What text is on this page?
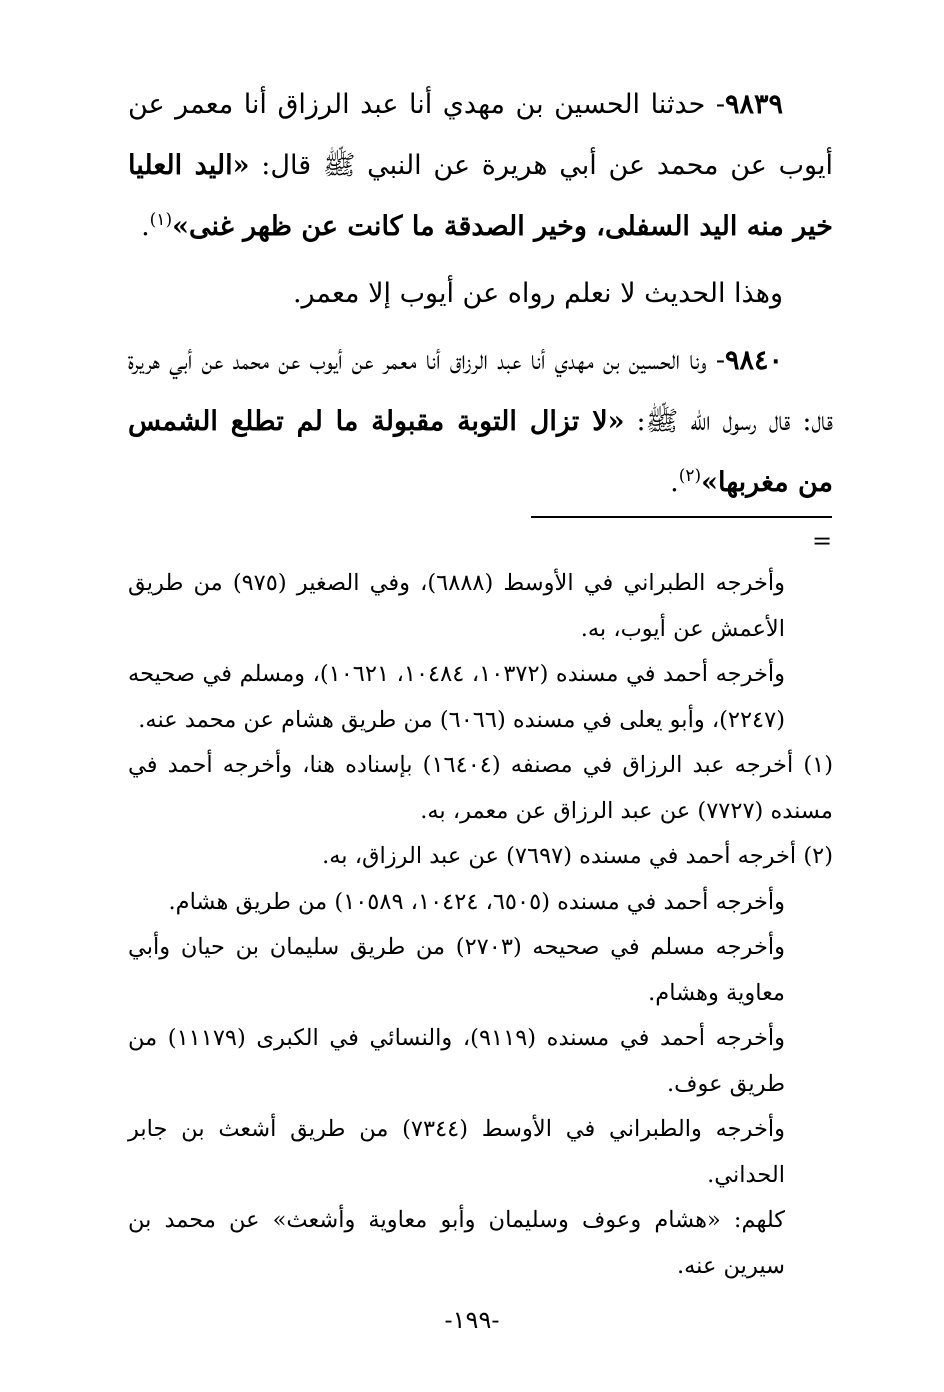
٩٨٣٩- حدثنا الحسين بن مهدي أنا عبد الرزاق أنا معمر عن أيوب عن محمد عن أبي هريرة عن النبي ﷺ قال: «اليد العليا خير منه اليد السفلى، وخير الصدقة ما كانت عن ظهر غنى»$^{(١)}$.

وهذا الحديث لا نعلم رواه عن أيوب إلا معمر.

٩٨٤٠- ونا الحسين بن مهدي أنا عبد الرزاق أنا معمر عن أيوب عن محمد عن أبي هريرة قال: قال رسول الله ﷺ: «لا تزال التوبة مقبولة ما لم تطلع الشمس من مغربها»$^{(٢)}$.

=

وأخرجه الطبراني في الأوسط (٦٨٨٨)، وفي الصغير (٩٧٥) من طريق الأعمش عن أيوب، به.

وأخرجه أحمد في مسنده (١٠٣٧٢، ١٠٤٨٤، ١٠٦٢١)، ومسلم في صحيحه (٢٢٤٧)، وأبو يعلى في مسنده (٦٠٦٦) من طريق هشام عن محمد عنه.

(١) أخرجه عبد الرزاق في مصنفه (١٦٤٠٤) بإسناده هنا، وأخرجه أحمد في مسنده (٧٧٢٧) عن عبد الرزاق عن معمر، به.

(٢) أخرجه أحمد في مسنده (٧٦٩٧) عن عبد الرزاق، به.

وأخرجه أحمد في مسنده (٦٥٠٥، ١٠٤٢٤، ١٠٥٨٩) من طريق هشام.

وأخرجه مسلم في صحيحه (٢٧٠٣) من طريق سليمان بن حيان وأبي معاوية وهشام.

وأخرجه أحمد في مسنده (٩١١٩)، والنسائي في الكبرى (١١١٧٩) من طريق عوف.

وأخرجه والطبراني في الأوسط (٧٣٤٤) من طريق أشعث بن جابر الحداني.

كلهم: «هشام وعوف وسليمان وأبو معاوية وأشعث» عن محمد بن سيرين عنه.

-١٩٩-
